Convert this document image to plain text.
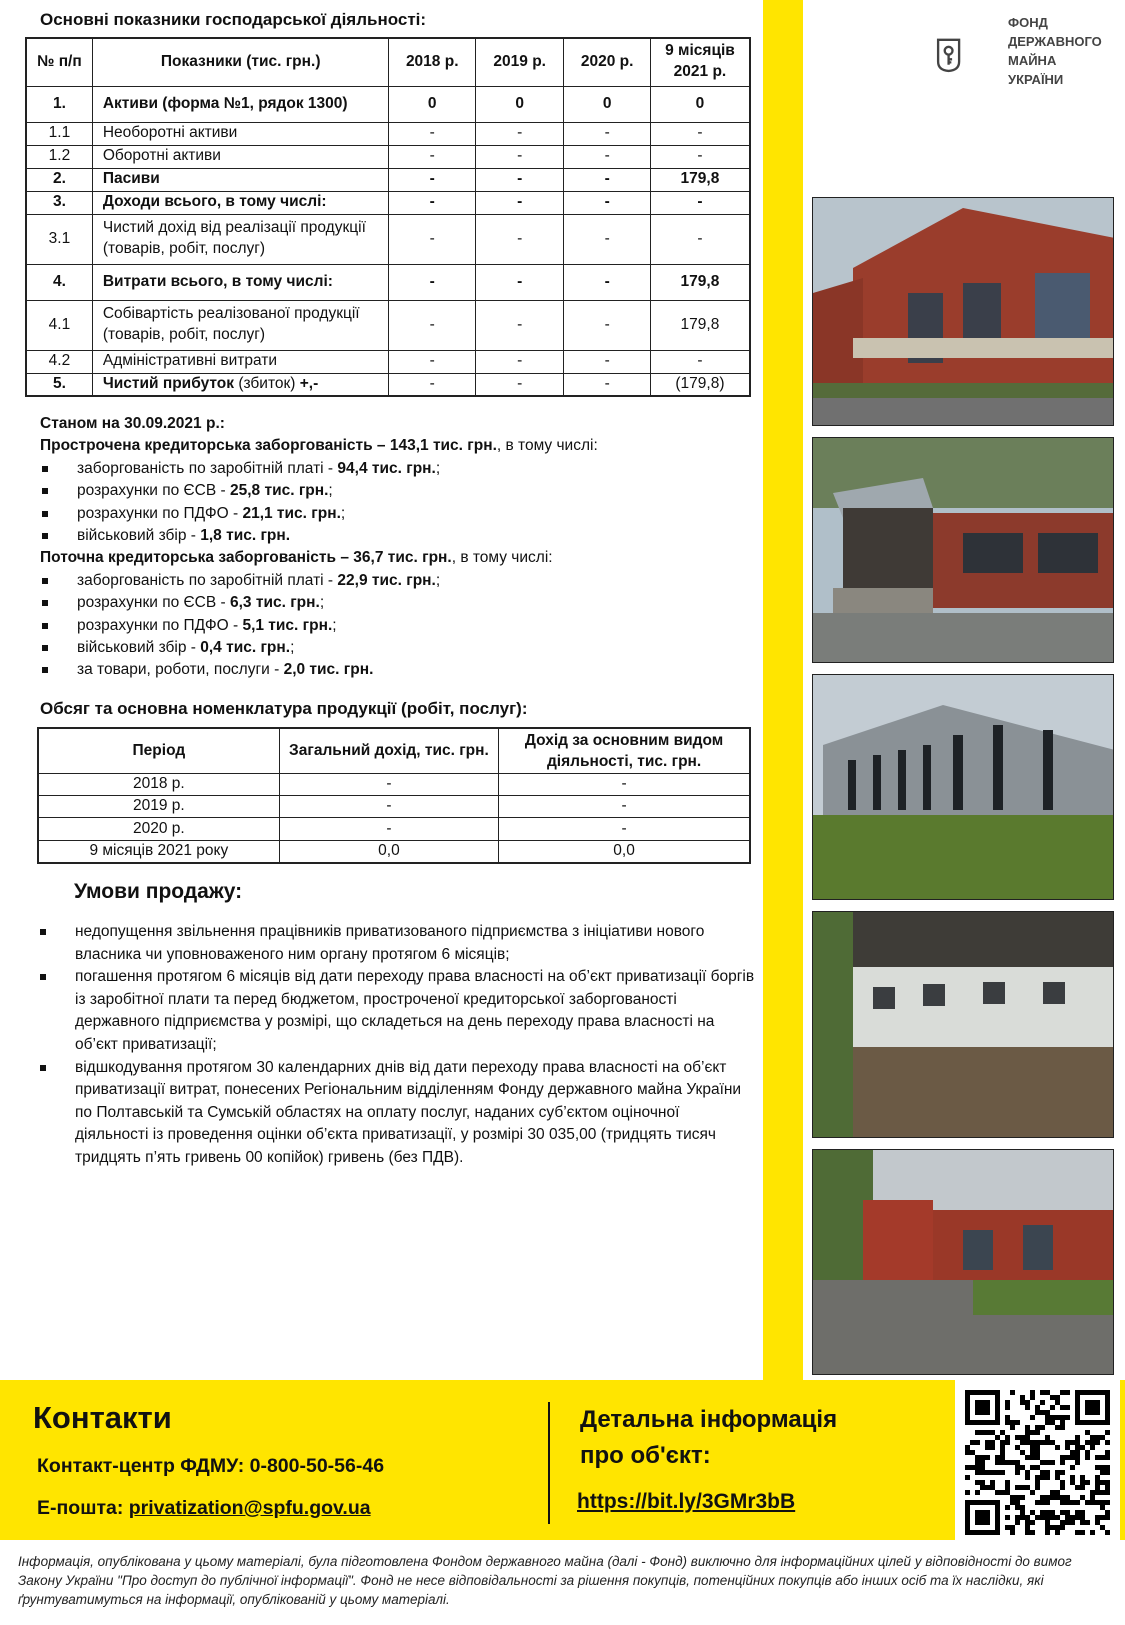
Основні показники господарської діяльності:
№ п/п	Показники (тис. грн.)	2018 р.	2019 р.	2020 р.	9 місяців 2021 р.
1.	Активи (форма №1, рядок 1300)	0	0	0	0
1.1	Необоротні активи	-	-	-	-
1.2	Оборотні активи	-	-	-	-
2.	Пасиви	-	-	-	179,8
3.	Доходи всього, в тому числі:	-	-	-	-
3.1	Чистий дохід від реалізації продукції (товарів, робіт, послуг)	-	-	-	-
4.	Витрати всього, в тому числі:	-	-	-	179,8
4.1	Собівартість реалізованої продукції (товарів, робіт, послуг)	-	-	-	179,8
4.2	Адміністративні витрати	-	-	-	-
5.	Чистий прибуток (збиток) +,-	-	-	-	(179,8)
Станом на 30.09.2021 р.:
Прострочена кредиторська заборгованість – 143,1 тис. грн., в тому числі:
заборгованість по заробітній платі - 94,4 тис. грн.;
розрахунки по ЄСВ - 25,8 тис. грн.;
розрахунки по ПДФО - 21,1 тис. грн.;
військовий збір - 1,8 тис. грн.
Поточна кредиторська заборгованість – 36,7 тис. грн., в тому числі:
заборгованість по заробітній платі - 22,9 тис. грн.;
розрахунки по ЄСВ - 6,3 тис. грн.;
розрахунки по ПДФО - 5,1 тис. грн.;
військовий збір - 0,4 тис. грн.;
за товари, роботи, послуги - 2,0 тис. грн.
Обсяг та основна номенклатура продукції (робіт, послуг):
Період	Загальний дохід, тис. грн.	Дохід за основним видом діяльності, тис. грн.
2018 р.	-	-
2019 р.	-	-
2020 р.	-	-
9 місяців 2021 року	0,0	0,0
Умови продажу:
недопущення звільнення працівників приватизованого підприємства з ініціативи нового власника чи уповноваженого ним органу протягом 6 місяців;
погашення протягом 6 місяців від дати переходу права власності на об’єкт приватизації боргів із заробітної плати та перед бюджетом, простроченої кредиторської заборгованості державного підприємства у розмірі, що складеться на день переходу права власності на об’єкт приватизації;
відшкодування протягом 30 календарних днів від дати переходу права власності на об’єкт приватизації витрат, понесених Регіональним відділенням Фонду державного майна України по Полтавській та Сумській областях на оплату послуг, наданих суб’єктом оціночної діяльності із проведення оцінки об’єкта приватизації, у розмірі 30 035,00 (тридцять тисяч тридцять п’ять гривень 00 копійок) гривень (без ПДВ).
ФОНД
ДЕРЖАВНОГО
МАЙНА
УКРАЇНИ
Контакти
Контакт-центр ФДМУ: 0-800-50-56-46
Е-пошта: privatization@spfu.gov.ua
Детальна інформація
про об'єкт:
https://bit.ly/3GMr3bB
Інформація, опублікована у цьому матеріалі, була підготовлена Фондом державного майна (далі - Фонд) виключно для інформаційних цілей у відповідності до вимог Закону України "Про доступ до публічної інформації". Фонд не несе відповідальності за рішення покупців, потенційних покупців або інших осіб та їх наслідки, які ґрунтуватимуться на інформації, опублікованій у цьому матеріалі.
